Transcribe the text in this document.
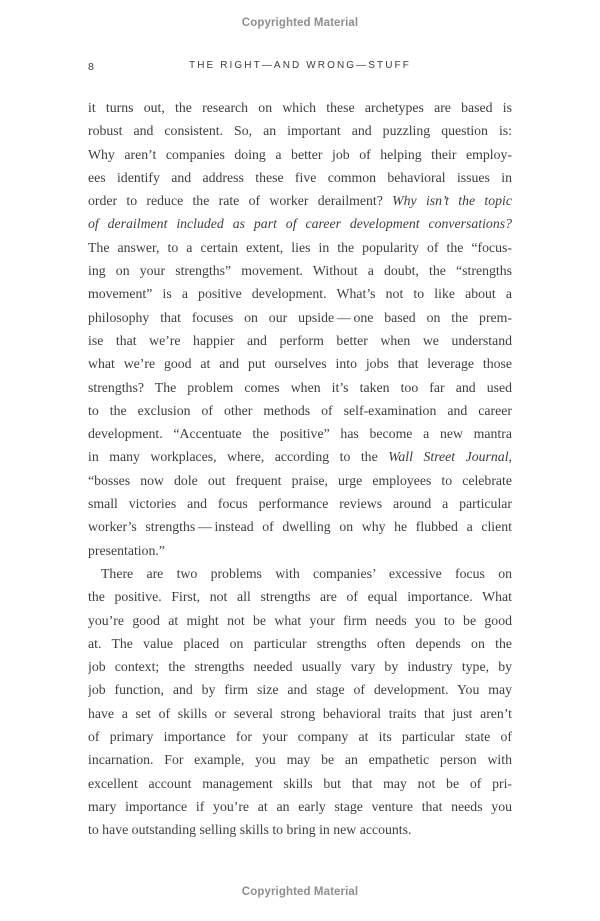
Copyrighted Material
8	THE RIGHT—AND WRONG—STUFF
it turns out, the research on which these archetypes are based is
robust and consistent. So, an important and puzzling question is:
Why aren’t companies doing a better job of helping their employ-
ees identify and address these five common behavioral issues in
order to reduce the rate of worker derailment? Why isn’t the topic
of derailment included as part of career development conversations?
The answer, to a certain extent, lies in the popularity of the “focus-
ing on your strengths” movement. Without a doubt, the “strengths
movement” is a positive development. What’s not to like about a
philosophy that focuses on our upside — one based on the prem-
ise that we’re happier and perform better when we understand
what we’re good at and put ourselves into jobs that leverage those
strengths? The problem comes when it’s taken too far and used
to the exclusion of other methods of self-examination and career
development. “Accentuate the positive” has become a new mantra
in many workplaces, where, according to the Wall Street Journal,
“bosses now dole out frequent praise, urge employees to celebrate
small victories and focus performance reviews around a particular
worker’s strengths — instead of dwelling on why he flubbed a client
presentation.”
There are two problems with companies’ excessive focus on
the positive. First, not all strengths are of equal importance. What
you’re good at might not be what your firm needs you to be good
at. The value placed on particular strengths often depends on the
job context; the strengths needed usually vary by industry type, by
job function, and by firm size and stage of development. You may
have a set of skills or several strong behavioral traits that just aren’t
of primary importance for your company at its particular state of
incarnation. For example, you may be an empathetic person with
excellent account management skills but that may not be of pri-
mary importance if you’re at an early stage venture that needs you
to have outstanding selling skills to bring in new accounts.
Copyrighted Material
